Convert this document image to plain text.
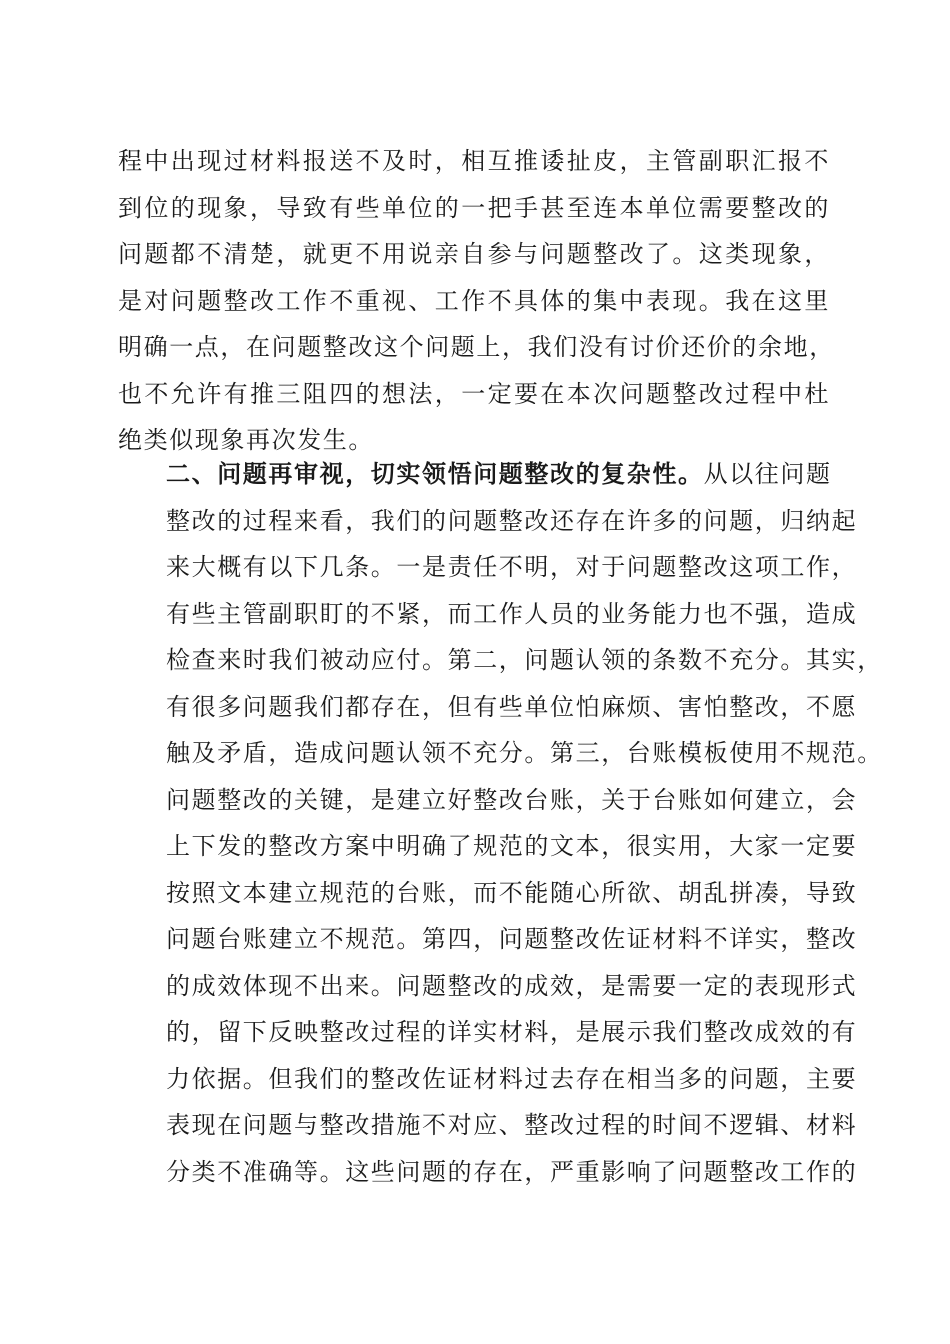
程中出现过材料报送不及时，相互推诿扯皮，主管副职汇报不
到位的现象，导致有些单位的一把手甚至连本单位需要整改的
问题都不清楚，就更不用说亲自参与问题整改了。这类现象，
是对问题整改工作不重视、工作不具体的集中表现。我在这里
明确一点，在问题整改这个问题上，我们没有讨价还价的余地，
也不允许有推三阻四的想法，一定要在本次问题整改过程中杜
绝类似现象再次发生。
二、问题再审视，切实领悟问题整改的复杂性。从以往问题
整改的过程来看，我们的问题整改还存在许多的问题，归纳起
来大概有以下几条。一是责任不明，对于问题整改这项工作，
有些主管副职盯的不紧，而工作人员的业务能力也不强，造成
检查来时我们被动应付。第二，问题认领的条数不充分。其实，
有很多问题我们都存在，但有些单位怕麻烦、害怕整改，不愿
触及矛盾，造成问题认领不充分。第三，台账模板使用不规范。
问题整改的关键，是建立好整改台账，关于台账如何建立，会
上下发的整改方案中明确了规范的文本，很实用，大家一定要
按照文本建立规范的台账，而不能随心所欲、胡乱拼凑，导致
问题台账建立不规范。第四，问题整改佐证材料不详实，整改
的成效体现不出来。问题整改的成效，是需要一定的表现形式
的，留下反映整改过程的详实材料，是展示我们整改成效的有
力依据。但我们的整改佐证材料过去存在相当多的问题，主要
表现在问题与整改措施不对应、整改过程的时间不逻辑、材料
分类不准确等。这些问题的存在，严重影响了问题整改工作的
